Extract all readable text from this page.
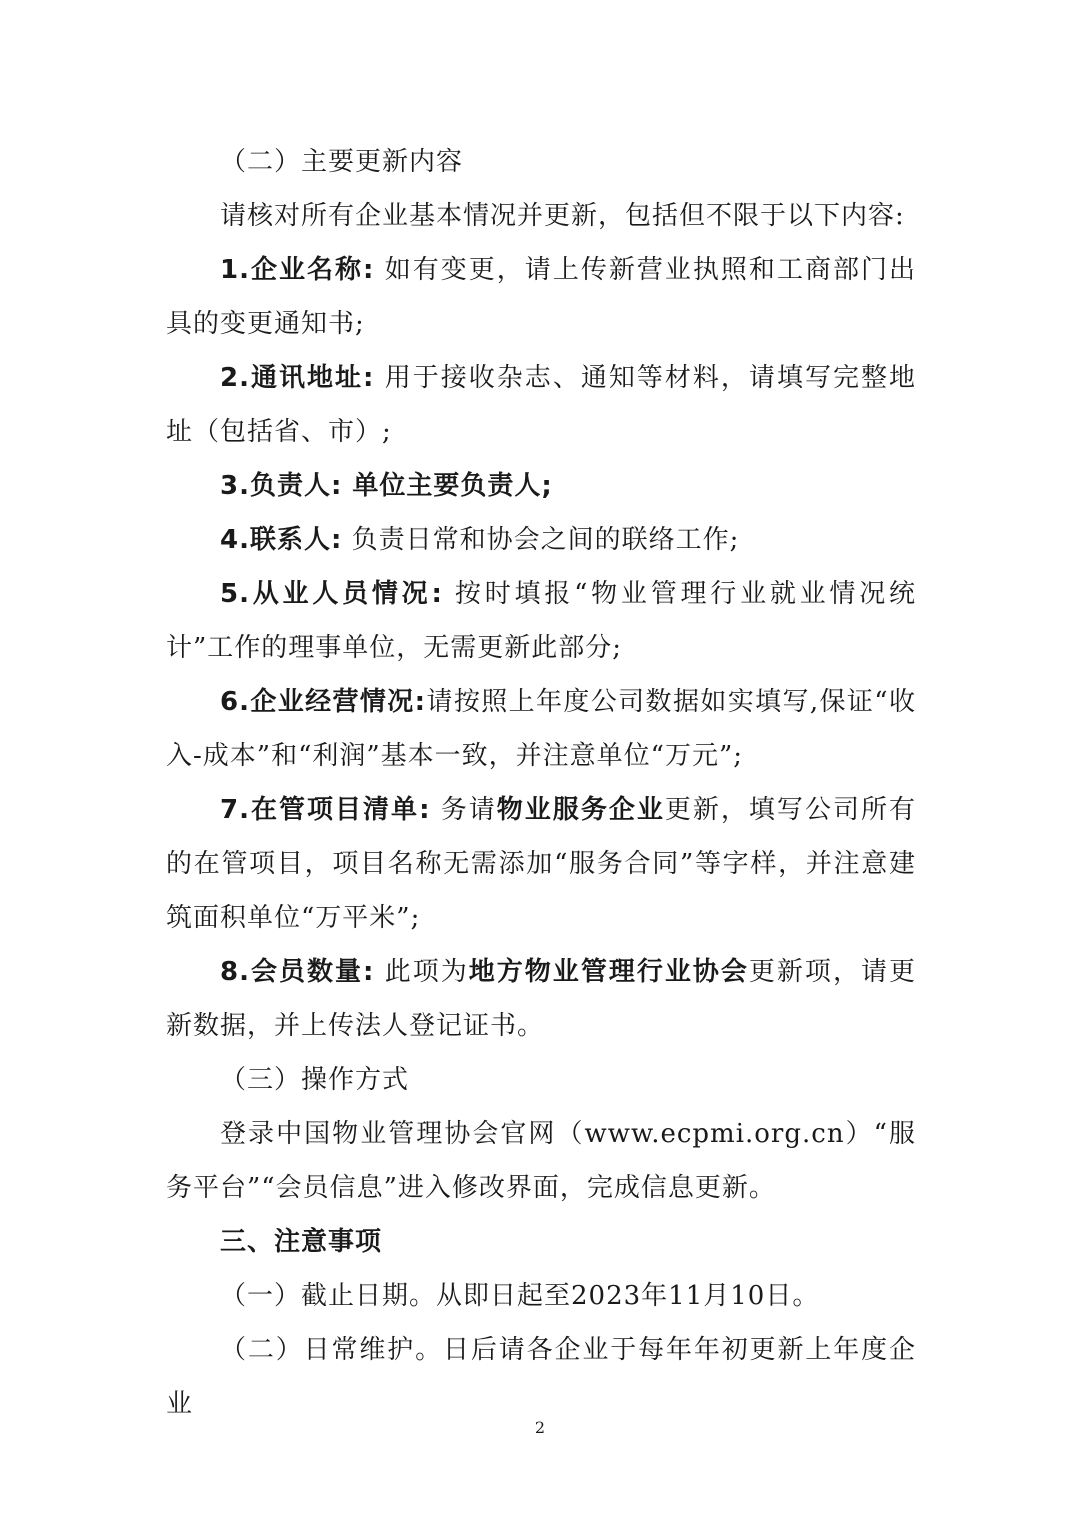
（二）主要更新内容

请核对所有企业基本情况并更新，包括但不限于以下内容:

1.企业名称: 如有变更，请上传新营业执照和工商部门出具的变更通知书;

2.通讯地址: 用于接收杂志、通知等材料，请填写完整地址（包括省、市）;

3.负责人: 单位主要负责人;

4.联系人: 负责日常和协会之间的联络工作;

5.从业人员情况: 按时填报“物业管理行业就业情况统计”工作的理事单位，无需更新此部分;

6.企业经营情况:请按照上年度公司数据如实填写,保证“收入-成本”和“利润”基本一致，并注意单位“万元”;

7.在管项目清单: 务请物业服务企业更新，填写公司所有的在管项目，项目名称无需添加“服务合同”等字样，并注意建筑面积单位“万平米”;

8.会员数量: 此项为地方物业管理行业协会更新项，请更新数据，并上传法人登记证书。

（三）操作方式

登录中国物业管理协会官网（www.ecpmi.org.cn）“服务平台”“会员信息”进入修改界面，完成信息更新。

三、注意事项

（一）截止日期。从即日起至2023年11月10日。

（二）日常维护。日后请各企业于每年年初更新上年度企业

2
